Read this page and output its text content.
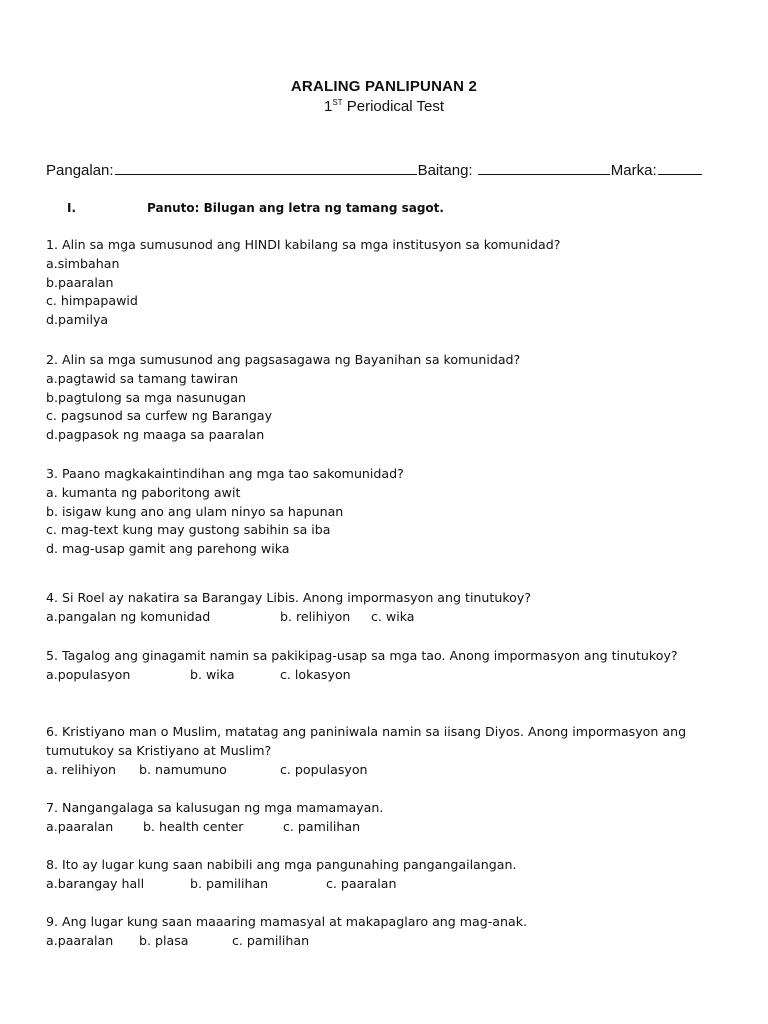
ARALING PANLIPUNAN 2
1ST Periodical Test
Pangalan:	Baitang:	Marka:
I.	Panuto: Bilugan ang letra ng tamang sagot.
1. Alin sa mga sumusunod ang HINDI kabilang sa mga institusyon sa komunidad?
a.simbahan
b.paaralan
c. himpapawid
d.pamilya
2. Alin sa mga sumusunod ang pagsasagawa ng Bayanihan sa komunidad?
a.pagtawid sa tamang tawiran
b.pagtulong sa mga nasunugan
c. pagsunod sa curfew ng Barangay
d.pagpasok ng maaga sa paaralan
3. Paano magkakaintindihan ang mga tao sakomunidad?
a. kumanta ng paboritong awit
b. isigaw kung ano ang ulam ninyo sa hapunan
c. mag-text kung may gustong sabihin sa iba
d. mag-usap gamit ang parehong wika
4. Si Roel ay nakatira sa Barangay Libis. Anong impormasyon ang tinutukoy?
a.pangalan ng komunidad	b. relihiyon c. wika
5. Tagalog ang ginagamit namin sa pakikipag-usap sa mga tao. Anong impormasyon ang tinutukoy?
a.populasyon	b. wika	c. lokasyon
6. Kristiyano man o Muslim, matatag ang paniniwala namin sa iisang Diyos. Anong impormasyon ang tumutukoy sa Kristiyano at Muslim?
a. relihiyon b. namumuno	c. populasyon
7. Nangangalaga sa kalusugan ng mga mamamayan.
a.paaralan b. health center	c. pamilihan
8. Ito ay lugar kung saan nabibili ang mga pangunahing pangangailangan.
a.barangay hall	b. pamilihan	c. paaralan
9. Ang lugar kung saan maaaring mamasyal at makapaglaro ang mag-anak.
a.paaralan b. plasa	c. pamilihan
